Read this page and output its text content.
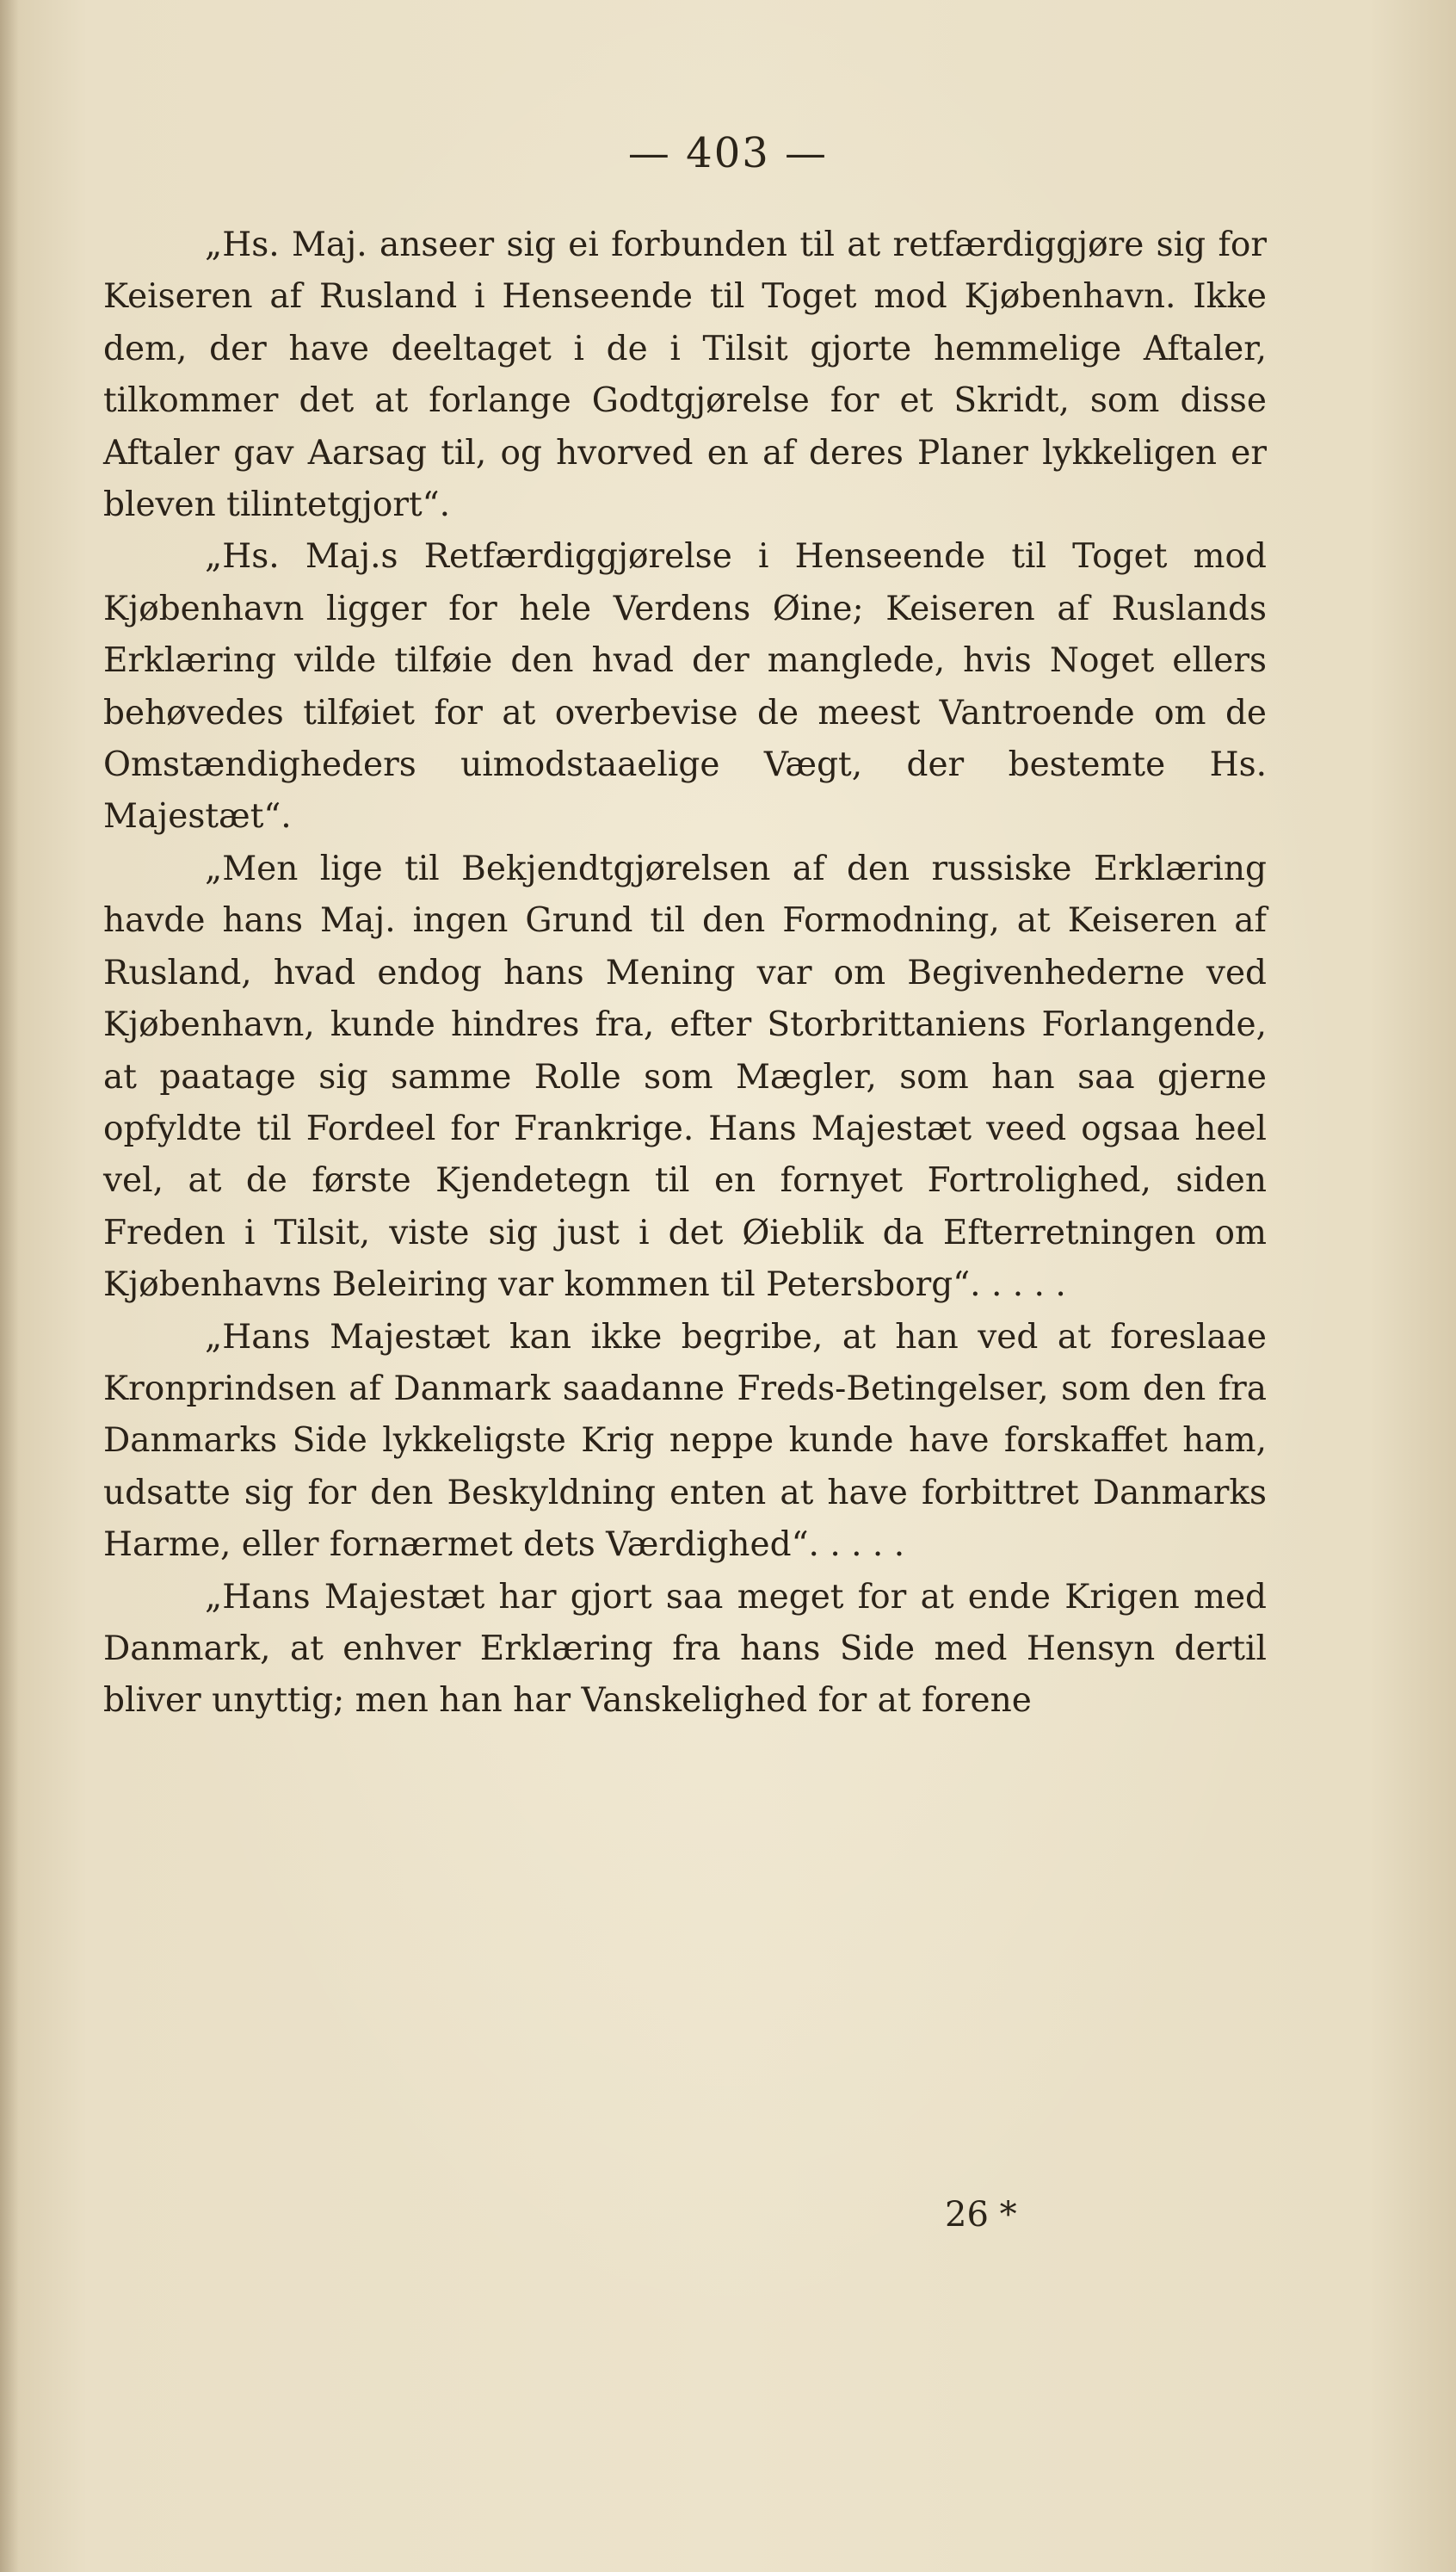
— 403 —

„Hs. Maj. anseer sig ei forbunden til at retfærdiggjøre sig for Keiseren af Rusland i Henseende til Toget mod Kjøbenhavn. Ikke dem, der have deeltaget i de i Tilsit gjorte hemmelige Aftaler, tilkommer det at forlange Godtgjørelse for et Skridt, som disse Aftaler gav Aarsag til, og hvorved en af deres Planer lykkeligen er bleven tilintetgjort“.

„Hs. Maj.s Retfærdiggjørelse i Henseende til Toget mod Kjøbenhavn ligger for hele Verdens Øine; Keiseren af Ruslands Erklæring vilde tilføie den hvad der manglede, hvis Noget ellers behøvedes tilføiet for at overbevise de meest Vantroende om de Omstændigheders uimodstaaelige Vægt, der bestemte Hs. Majestæt“.

„Men lige til Bekjendtgjørelsen af den russiske Erklæring havde hans Maj. ingen Grund til den Formodning, at Keiseren af Rusland, hvad endog hans Mening var om Begivenhederne ved Kjøbenhavn, kunde hindres fra, efter Storbrittaniens Forlangende, at paatage sig samme Rolle som Mægler, som han saa gjerne opfyldte til Fordeel for Frankrige. Hans Majestæt veed ogsaa heel vel, at de første Kjendetegn til en fornyet Fortrolighed, siden Freden i Tilsit, viste sig just i det Øieblik da Efterretningen om Kjøbenhavns Beleiring var kommen til Petersborg“. . . . .

„Hans Majestæt kan ikke begribe, at han ved at foreslaae Kronprindsen af Danmark saadanne Freds-Betingelser, som den fra Danmarks Side lykkeligste Krig neppe kunde have forskaffet ham, udsatte sig for den Beskyldning enten at have forbittret Danmarks Harme, eller fornærmet dets Værdighed“. . . . .

„Hans Majestæt har gjort saa meget for at ende Krigen med Danmark, at enhver Erklæring fra hans Side med Hensyn dertil bliver unyttig; men han har Vanskelighed for at forene

26 *
